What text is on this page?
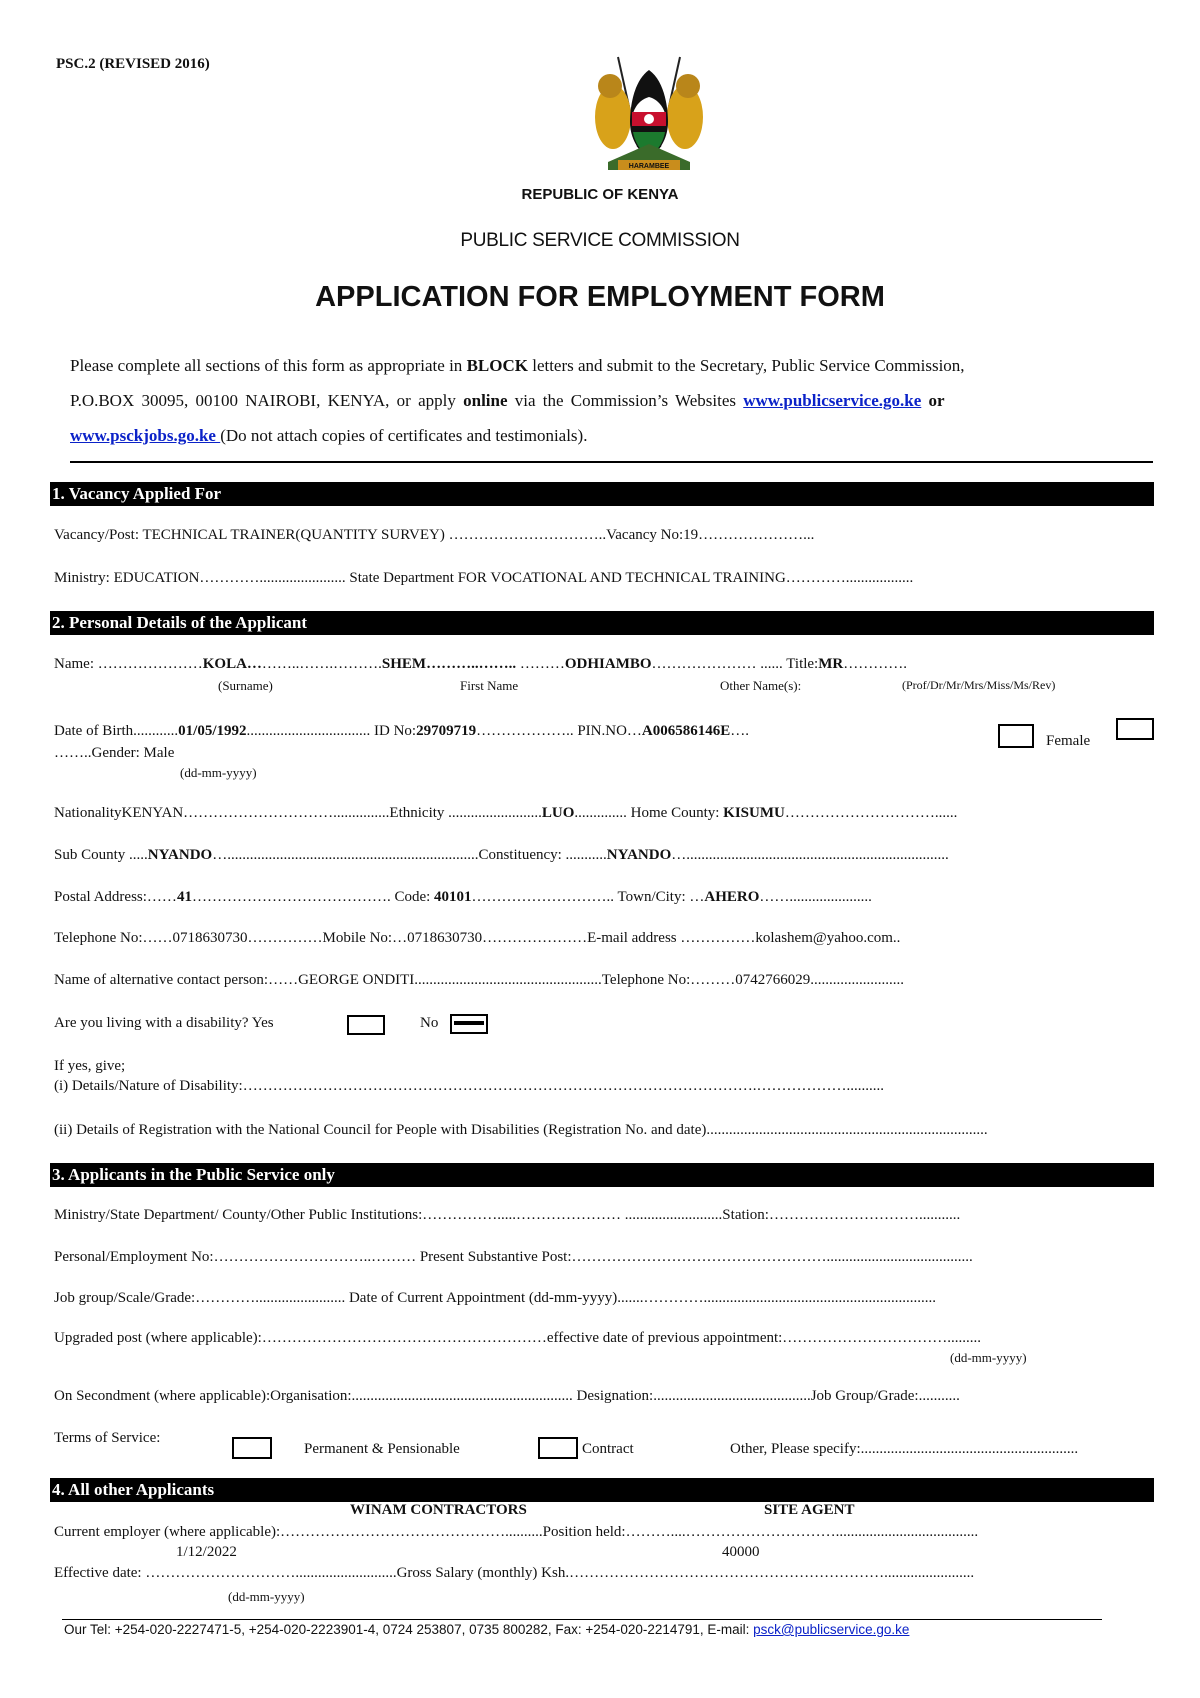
PSC.2 (REVISED 2016)
HARAMBEE
REPUBLIC OF KENYA
PUBLIC SERVICE COMMISSION
APPLICATION FOR EMPLOYMENT FORM
Please complete all sections of this form as appropriate in BLOCK letters and submit to the Secretary, Public Service Commission,
P.O.BOX 30095, 00100 NAIROBI, KENYA, or apply online via the Commission’s Websites www.publicservice.go.ke or
www.psckjobs.go.ke (Do not attach copies of certificates and testimonials).
1. Vacancy Applied For
Vacancy/Post: TECHNICAL TRAINER(QUANTITY SURVEY) …………………………..Vacancy No:19…………………...
Ministry: EDUCATION…………....................... State Department FOR VOCATIONAL AND TECHNICAL TRAINING…………..................
2. Personal Details of the Applicant
Name: …………………KOLA………..…….……….SHEM………..…….. ………ODHIAMBO………………… ...... Title:MR………….
(Surname)	First Name	Other Name(s):	(Prof/Dr/Mr/Mrs/Miss/Ms/Rev)
Date of Birth............01/05/1992................................. ID No:29709719……………….. PIN.NO…A006586146E….
Female
……..Gender: Male
(dd-mm-yyyy)
NationalityKENYAN…………………………...............Ethnicity .........................LUO.............. Home County: KISUMU…………………………......
Sub County .....NYANDO…...................................................................Constituency: ...........NYANDO…......................................................................
Postal Address:……41…………………………………. Code: 40101……………………….. Town/City: …AHERO……......................
Telephone No:……0718630730……………Mobile No:…0718630730…………………E-mail address ……………kolashem@yahoo.com..
Name of alternative contact person:……GEORGE ONDITI..................................................Telephone No:………0742766029.........................
Are you living with a disability? Yes	No
If yes, give;
(i) Details/Nature of Disability:………………………………………………………………………………………….………………..........
(ii) Details of Registration with the National Council for People with Disabilities (Registration No. and date)...........................................................................
3. Applicants in the Public Service only
Ministry/State Department/ County/Other Public Institutions:…………….....………………… ..........................Station:…………………………...........
Personal/Employment No:…………………………..……… Present Substantive Post:…………………………………………….......................................
Job group/Scale/Grade:…………........................ Date of Current Appointment (dd-mm-yyyy).......…………..............................................................
Upgraded post (where applicable):…………………………………………………effective date of previous appointment:…………………………….........
(dd-mm-yyyy)
On Secondment (where applicable):Organisation:........................................................... Designation:..........................................Job Group/Grade:...........
Terms of Service:
Permanent & Pensionable	Contract	Other, Please specify:..........................................................
4. All other Applicants
WINAM CONTRACTORS	SITE AGENT
Current employer (where applicable):………………………………………..........Position held:………....…………………………......................................
1/12/2022	40000
Effective date: …………………………...........................Gross Salary (monthly) Ksh.………………………………………………………........................
(dd-mm-yyyy)
Our Tel: +254-020-2227471-5, +254-020-2223901-4, 0724 253807, 0735 800282, Fax: +254-020-2214791, E-mail: psck@publicservice.go.ke
